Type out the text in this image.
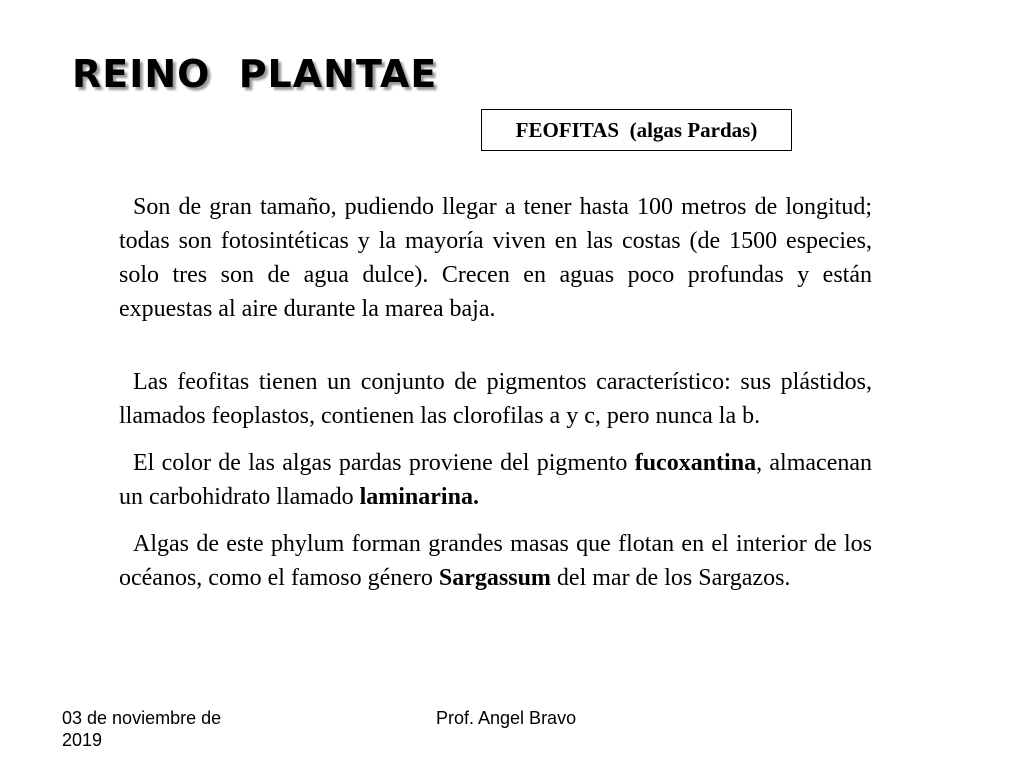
REINO PLANTAE
FEOFITAS  (algas Pardas)

Son de gran tamaño, pudiendo llegar a tener hasta 100 metros de longitud; todas son fotosintéticas y la mayoría viven en las costas (de 1500 especies, solo tres son de agua dulce). Crecen en aguas poco profundas y están expuestas al aire durante la marea baja.

Las feofitas tienen un conjunto de pigmentos característico: sus plástidos, llamados feoplastos, contienen las clorofilas a y c, pero nunca la b.

El color de las algas pardas proviene del pigmento fucoxantina, almacenan un carbohidrato llamado laminarina.

Algas de este phylum forman grandes masas que flotan en el interior de los océanos, como el famoso género Sargassum del mar de los Sargazos.

03 de noviembre de 2019
Prof. Angel Bravo
